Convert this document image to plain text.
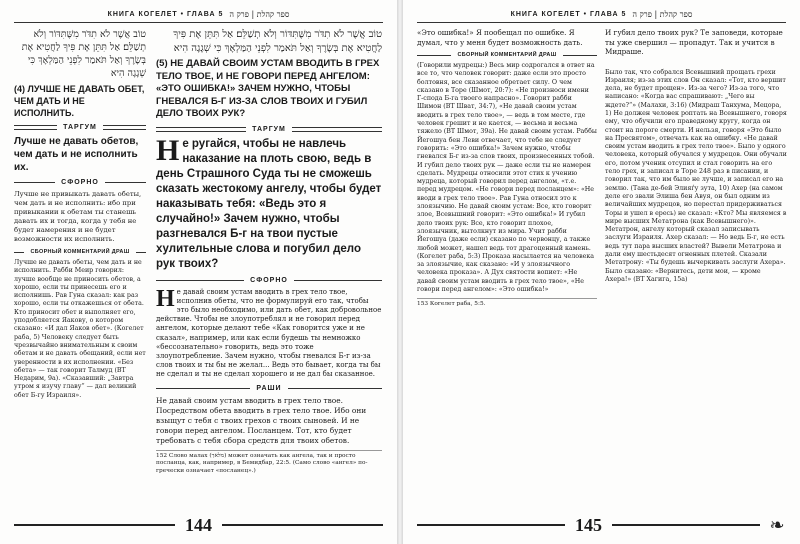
КНИГА КОГЕЛЕТ • ГЛАВА 5 ספר קהלת | פרק ה

טוֹב אֲשֶׁר לֹא תִדֹּר מִשֶּׁתִּדּוֹר וְלֹא תְשַׁלֵּם׃ אַל תִּתֵּן אֶת פִּיךָ לַחֲטִיא אֶת בְּשָׂרֶךָ וְאַל תֹּאמַר לִפְנֵי הַמַּלְאָךְ כִּי שְׁגָגָה הִיא

(4) ЛУЧШЕ НЕ ДАВАТЬ ОБЕТ, ЧЕМ ДАТЬ И НЕ ИСПОЛНИТЬ.

ТАРГУМ

Лучше не давать обетов, чем дать и не исполнить их.

СФОРНО

Лучше не привыкать давать обеты, чем дать и не исполнить: ибо при привыкании к обетам ты станешь давать их и тогда, когда у тебя не будет намерения и не будет возможности их исполнить.

СБОРНЫЙ КОММЕНТАРИЙ ДРАШ

Лучше не давать обеты, чем дать и не исполнить. Рабби Меир говорил: лучше вообще не приносить обетов, а хорошо, если ты принесешь его и исполнишь. Рав Гуна сказал: как раз хорошо, если ты откажешься от обета. Кто приносит обет и выполняет его, уподобляется Яакову, о котором сказано: «И дал Яаков обет». (Когелет раба, 5) Человеку следует быть чрезвычайно внимательным к своим обетам и не давать обещаний, если нет уверенности в их исполнении. «Без обета» — так говорит Талмуд (ВТ Недарим, 9а). «Сказавший: „Завтра утром я изучу главу“ — дал великий обет Б-гу Израиля».

טוֹב אֲשֶׁר לֹא תִדֹּר מִשֶּׁתִּדּוֹר וְלֹא תְשַׁלֵּם׃ אַל תִּתֵּן אֶת פִּיךָ לַחֲטִיא אֶת בְּשָׂרֶךָ וְאַל תֹּאמַר לִפְנֵי הַמַּלְאָךְ כִּי שְׁגָגָה הִיא

(5) НЕ ДАВАЙ СВОИМ УСТАМ ВВОДИТЬ В ГРЕХ ТЕЛО ТВОЕ, И НЕ ГОВОРИ ПЕРЕД АНГЕЛОМ: «ЭТО ОШИБКА!» ЗАЧЕМ НУЖНО, ЧТОБЫ ГНЕВАЛСЯ Б-Г ИЗ-ЗА СЛОВ ТВОИХ И ГУБИЛ ДЕЛО ТВОИХ РУК?

ТАРГУМ

Не ругайся, чтобы не навлечь наказание на плоть свою, ведь в день Страшного Суда ты не сможешь сказать жестокому ангелу, чтобы будет наказывать тебя: «Ведь это я случайно!» Зачем нужно, чтобы разгневался Б-г на твои пустые хулительные слова и погубил дело рук твоих?

СФОРНО

Не давай своим устам вводить в грех тело твое, исполнив обеты, что не формулируй его так, чтобы это было необходимо, или дать обет, как добровольное действие. Чтобы не злоупотреблял и не говорил перед ангелом, которые делают тебе «Как говорится уже и не сказал», например, или как если будешь ты немножко «бессознательно» говорить, ведь это тоже злоупотребление. Зачем нужно, чтобы гневался Б-г из-за слов твоих и ты бы не желал... Ведь это бывает, когда ты бы не сделал и ты не сделал хорошего и не дал бы сказанное.

РАШИ

Не давай своим устам вводить в грех тело твое. Посредством обета вводить в грех тело твое. Ибо они взыщут с тебя с твоих грехов с твоих сыновей. И не говори перед ангелом. Посланцем. Тот, кто будет требовать с тебя сбора средств для твоих обетов.

152 Слово малах (מלאך) может означать как ангела, так и просто посланца, как, например, в Бемидбар, 22:5. (Само слово «ангел» по-гречески означает «посланец».)

144
КНИГА КОГЕЛЕТ • ГЛАВА 5 ספר קהלת | פרק ה

«Это ошибка!» Я пообещал по ошибке. Я думал, что у меня будет возможность дать.

СБОРНЫЙ КОММЕНТАРИЙ ДРАШ

(Говорили мудрецы:) Весь мир содрогался в ответ на все то, что человек говорит: даже если это просто болтовня, все сказанное обретает силу. О чем сказано в Торе (Шмот, 20:7): «Не произноси имени Г-спода Б-га твоего напрасно». Говорит рабби Шимон (ВТ Шват, 34:7), «Не давай своим устам вводить в грех тело твое», — ведь в том месте, где человек грешит и не кается, — весьма и весьма тяжело (ВТ Шмот, 39а). Не давай своим устам. Раббы Йегошуа бен Леви отвечает, что тебе не следует говорить: «Это ошибка!» Зачем нужно, чтобы гневался Б-г из-за слов твоих, произнесенных тобой. И губил дело твоих рук — даже если ты не намерен сделать. Мудрецы относили этот стих к учению мудреца, который говорил перед ангелом, «т.е. перед мудрецом. «Не говори перед посланцем»: «Не вводи в грех тело твое». Рав Гуна относил это к злоязычию. Не давай своим устам: Все, кто говорит злое, Всевышний говорит: «Это ошибка!» И губил дело твоих рук: Все, кто говорит плохое, злоязычник, вытолкнут из мира. Учит рабби Йегошуа (даже если) сказано по червонцу, а также любой может, нашел ведь тот драгоценный камень. (Когелет раба, 5:3) Проказа насылается на человека за злоязычие, как сказано: «И у злоязычного человека проказа». А Дух святости вопиет: «Не давай своим устам вводить в грех тело твое», «Не говори перед ангелом»: «Это ошибка!»

153 Когелет раба, 5:5.

И губил дело твоих рук? Те заповеди, которые ты уже свершил — пропадут. Так и учится в Мидраше.

Было так, что собрался Всевышний прощать грехи Израиля; из-за этих слов Он сказал: «Тот, кто вершит дела, не будет прощен». Из-за чего? Из-за того, что написано: «Когда вас спрашивают: „Чего вы ждете?“» (Малахи, 3:16) (Мидраш Танхума, Мецора, 1) Не должен человек роптать на Всевышнего, говоря ему, что обучили его праведному кругу, когда он стоит на пороге смерти. И нельзя, говоря «Это было на Пресвятом», отвечать как на ошибку. «Не давай своим устам вводить в грех тело твое». Было у одного человека, который обучался у мудрецов. Они обучали его, потом ученик отсупил и стал говорить на его тело грех, и записал в Торе 248 раз в писании, и говорил так, что им было не лучше, и записал его на землю. (Тана де-бей Элияѓу зута, 10) Ахер (на самом деле его звали Элиша бен Авуя, он был одним из величайших мудрецов, но перестал придерживаться Торы и ушел в ересь) не сказал: «Кто? Мы являемся в мире высших Метатрона (как Всевышнего)». Метатрон, ангелу который сказал записывать заслуги Израиля. Ахер сказал: — Но ведь Б-г, не есть ведь тут пара высших властей? Вывели Метатрона и дали ему шестьдесят огненных плетей. Сказали Метатрону: «Ты будешь вычеркивать заслуги Ахера». Было сказано: «Вернитесь, дети мои, — кроме Ахера!» (ВТ Хагига, 15а)

145	❧
